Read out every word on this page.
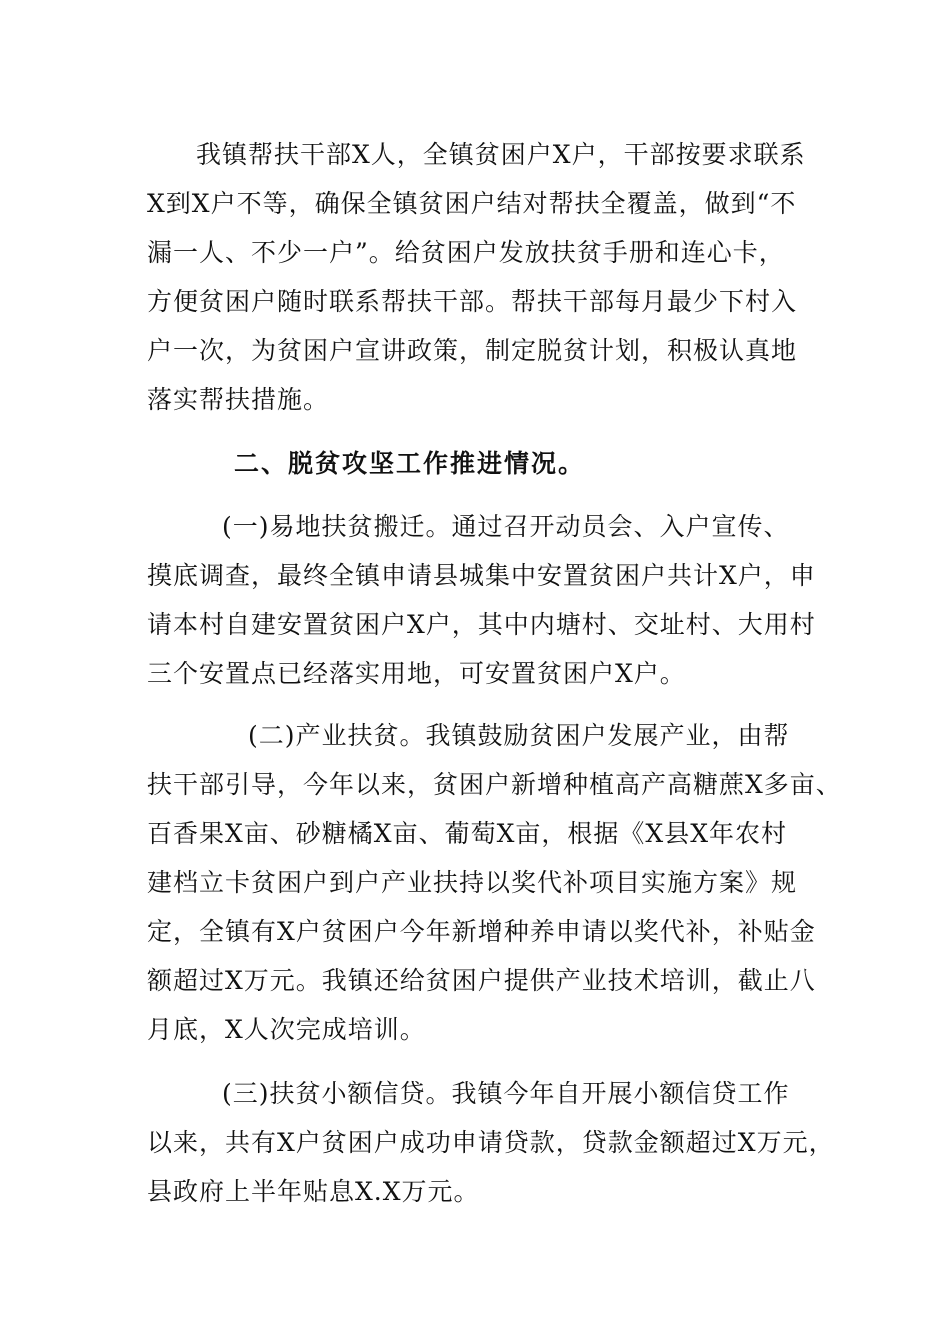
我镇帮扶干部X人，全镇贫困户X户，干部按要求联系
X到X户不等，确保全镇贫困户结对帮扶全覆盖，做到“不
漏一人、不少一户”。给贫困户发放扶贫手册和连心卡，
方便贫困户随时联系帮扶干部。帮扶干部每月最少下村入
户一次，为贫困户宣讲政策，制定脱贫计划，积极认真地
落实帮扶措施。
二、脱贫攻坚工作推进情况。
(一)易地扶贫搬迁。通过召开动员会、入户宣传、
摸底调查，最终全镇申请县城集中安置贫困户共计X户，申
请本村自建安置贫困户X户，其中内塘村、交址村、大用村
三个安置点已经落实用地，可安置贫困户X户。
(二)产业扶贫。我镇鼓励贫困户发展产业，由帮
扶干部引导，今年以来，贫困户新增种植高产高糖蔗X多亩、
百香果X亩、砂糖橘X亩、葡萄X亩，根据《X县X年农村
建档立卡贫困户到户产业扶持以奖代补项目实施方案》规
定，全镇有X户贫困户今年新增种养申请以奖代补，补贴金
额超过X万元。我镇还给贫困户提供产业技术培训，截止八
月底，X人次完成培训。
(三)扶贫小额信贷。我镇今年自开展小额信贷工作
以来，共有X户贫困户成功申请贷款，贷款金额超过X万元，
县政府上半年贴息X.X万元。
